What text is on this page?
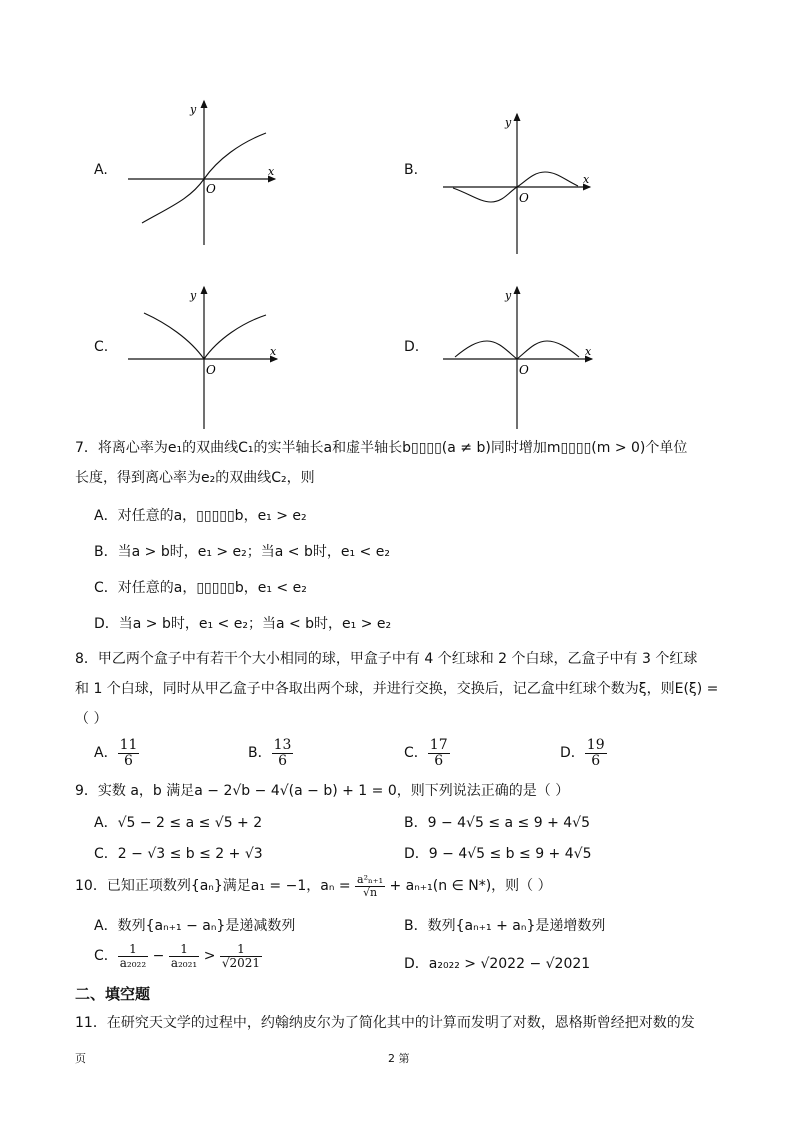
A.	B.
C.	D.
x
y
O
x
y
O
x
y
O
x
y
O
7．将离心率为e₁的双曲线C₁的实半轴长a和虚半轴长b▯▯▯▯(a ≠ b)同时增加m▯▯▯▯(m > 0)个单位
长度，得到离心率为e₂的双曲线C₂，则
A．对任意的a，▯▯▯▯▯b，e₁ > e₂
B．当a > b时，e₁ > e₂；当a < b时，e₁ < e₂
C．对任意的a，▯▯▯▯▯b，e₁ < e₂
D．当a > b时，e₁ < e₂；当a < b时，e₁ > e₂
8．甲乙两个盒子中有若干个大小相同的球，甲盒子中有 4 个红球和 2 个白球，乙盒子中有 3 个红球
和 1 个白球，同时从甲乙盒子中各取出两个球，并进行交换，交换后，记乙盒中红球个数为ξ，则E(ξ) =
（ ）
A． $\frac{11}{6}$	B． $\frac{13}{6}$	C． $\frac{17}{6}$	D． $\frac{19}{6}$
9．实数 a，b 满足a − 2√b − 4√(a − b) + 1 = 0，则下列说法正确的是（ ）
A．√5 − 2 ≤ a ≤ √5 + 2	B．9 − 4√5 ≤ a ≤ 9 + 4√5
C．2 − √3 ≤ b ≤ 2 + √3	D．9 − 4√5 ≤ b ≤ 9 + 4√5
10．已知正项数列{aₙ}满足a₁ = −1，$a_n = \frac{\text{a²ₙ₊₁}}{√n} + a_{n+1}(n$ ∈ N*)，则（ ）
A．数列{aₙ₊₁ − aₙ}是递减数列	B．数列{aₙ₊₁ + aₙ}是递增数列
C． $\frac{1}{\text{a₂₀₂₂}} - \frac{1}{\text{a₂₀₂₁}} > \frac{1}{√2021}$	D．a₂₀₂₂ > √2022 − √2021
二、填空题
11．在研究天文学的过程中，约翰纳皮尔为了简化其中的计算而发明了对数，恩格斯曾经把对数的发
页	2 第
